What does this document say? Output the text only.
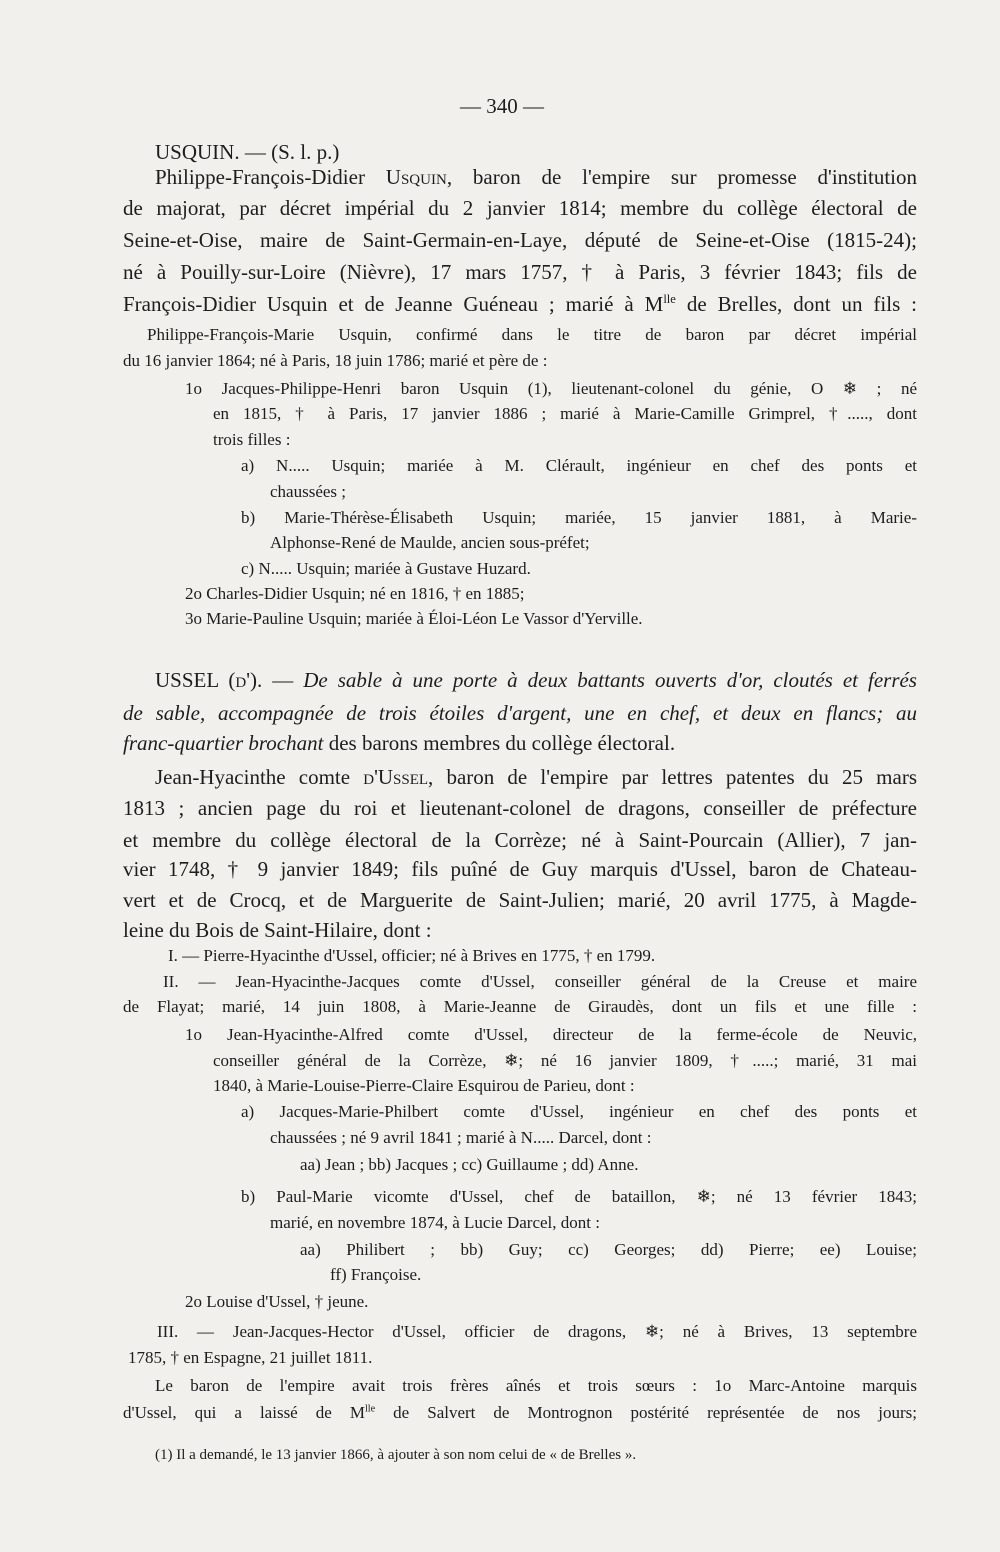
— 340 —
USQUIN. — (S. l. p.)
Philippe-François-Didier Usquin, baron de l'empire sur promesse d'institution
de majorat, par décret impérial du 2 janvier 1814; membre du collège électoral de
Seine-et-Oise, maire de Saint-Germain-en-Laye, député de Seine-et-Oise (1815-24);
né à Pouilly-sur-Loire (Nièvre), 17 mars 1757, † à Paris, 3 février 1843; fils de
François-Didier Usquin et de Jeanne Guéneau ; marié à $M^{lle}$ de Brelles, dont un fils :
Philippe-François-Marie Usquin, confirmé dans le titre de baron par décret impérial
du 16 janvier 1864; né à Paris, 18 juin 1786; marié et père de :
1o Jacques-Philippe-Henri baron Usquin (1), lieutenant-colonel du génie, O ❄ ; né
en 1815, † à Paris, 17 janvier 1886 ; marié à Marie-Camille Grimprel, †....., dont
trois filles :
a) N..... Usquin; mariée à M. Clérault, ingénieur en chef des ponts et
chaussées ;
b) Marie-Thérèse-Élisabeth Usquin; mariée, 15 janvier 1881, à Marie-
Alphonse-René de Maulde, ancien sous-préfet;
c) N..... Usquin; mariée à Gustave Huzard.
2o Charles-Didier Usquin; né en 1816, † en 1885;
3o Marie-Pauline Usquin; mariée à Éloi-Léon Le Vassor d'Yerville.
USSEL (d'). — De sable à une porte à deux battants ouverts d'or, cloutés et ferrés
de sable, accompagnée de trois étoiles d'argent, une en chef, et deux en flancs; au
franc-quartier brochant des barons membres du collège électoral.
Jean-Hyacinthe comte d'Ussel, baron de l'empire par lettres patentes du 25 mars
1813 ; ancien page du roi et lieutenant-colonel de dragons, conseiller de préfecture
et membre du collège électoral de la Corrèze; né à Saint-Pourcain (Allier), 7 jan-
vier 1748, † 9 janvier 1849; fils puîné de Guy marquis d'Ussel, baron de Chateau-
vert et de Crocq, et de Marguerite de Saint-Julien; marié, 20 avril 1775, à Magde-
leine du Bois de Saint-Hilaire, dont :
I. — Pierre-Hyacinthe d'Ussel, officier; né à Brives en 1775, † en 1799.
II. — Jean-Hyacinthe-Jacques comte d'Ussel, conseiller général de la Creuse et maire
de Flayat; marié, 14 juin 1808, à Marie-Jeanne de Giraudès, dont un fils et une fille :
1o Jean-Hyacinthe-Alfred comte d'Ussel, directeur de la ferme-école de Neuvic,
conseiller général de la Corrèze, ❄; né 16 janvier 1809, †.....; marié, 31 mai
1840, à Marie-Louise-Pierre-Claire Esquirou de Parieu, dont :
a) Jacques-Marie-Philbert comte d'Ussel, ingénieur en chef des ponts et
chaussées ; né 9 avril 1841 ; marié à N..... Darcel, dont :
aa) Jean ; bb) Jacques ; cc) Guillaume ; dd) Anne.
b) Paul-Marie vicomte d'Ussel, chef de bataillon, ❄; né 13 février 1843;
marié, en novembre 1874, à Lucie Darcel, dont :
aa) Philibert ; bb) Guy; cc) Georges; dd) Pierre; ee) Louise;
ff) Françoise.
2o Louise d'Ussel, † jeune.
III. — Jean-Jacques-Hector d'Ussel, officier de dragons, ❄; né à Brives, 13 septembre
1785, † en Espagne, 21 juillet 1811.
Le baron de l'empire avait trois frères aînés et trois sœurs : 1o Marc-Antoine marquis
d'Ussel, qui a laissé de $M^{lle}$ de Salvert de Montrognon postérité représentée de nos jours;
(1) Il a demandé, le 13 janvier 1866, à ajouter à son nom celui de « de Brelles ».
